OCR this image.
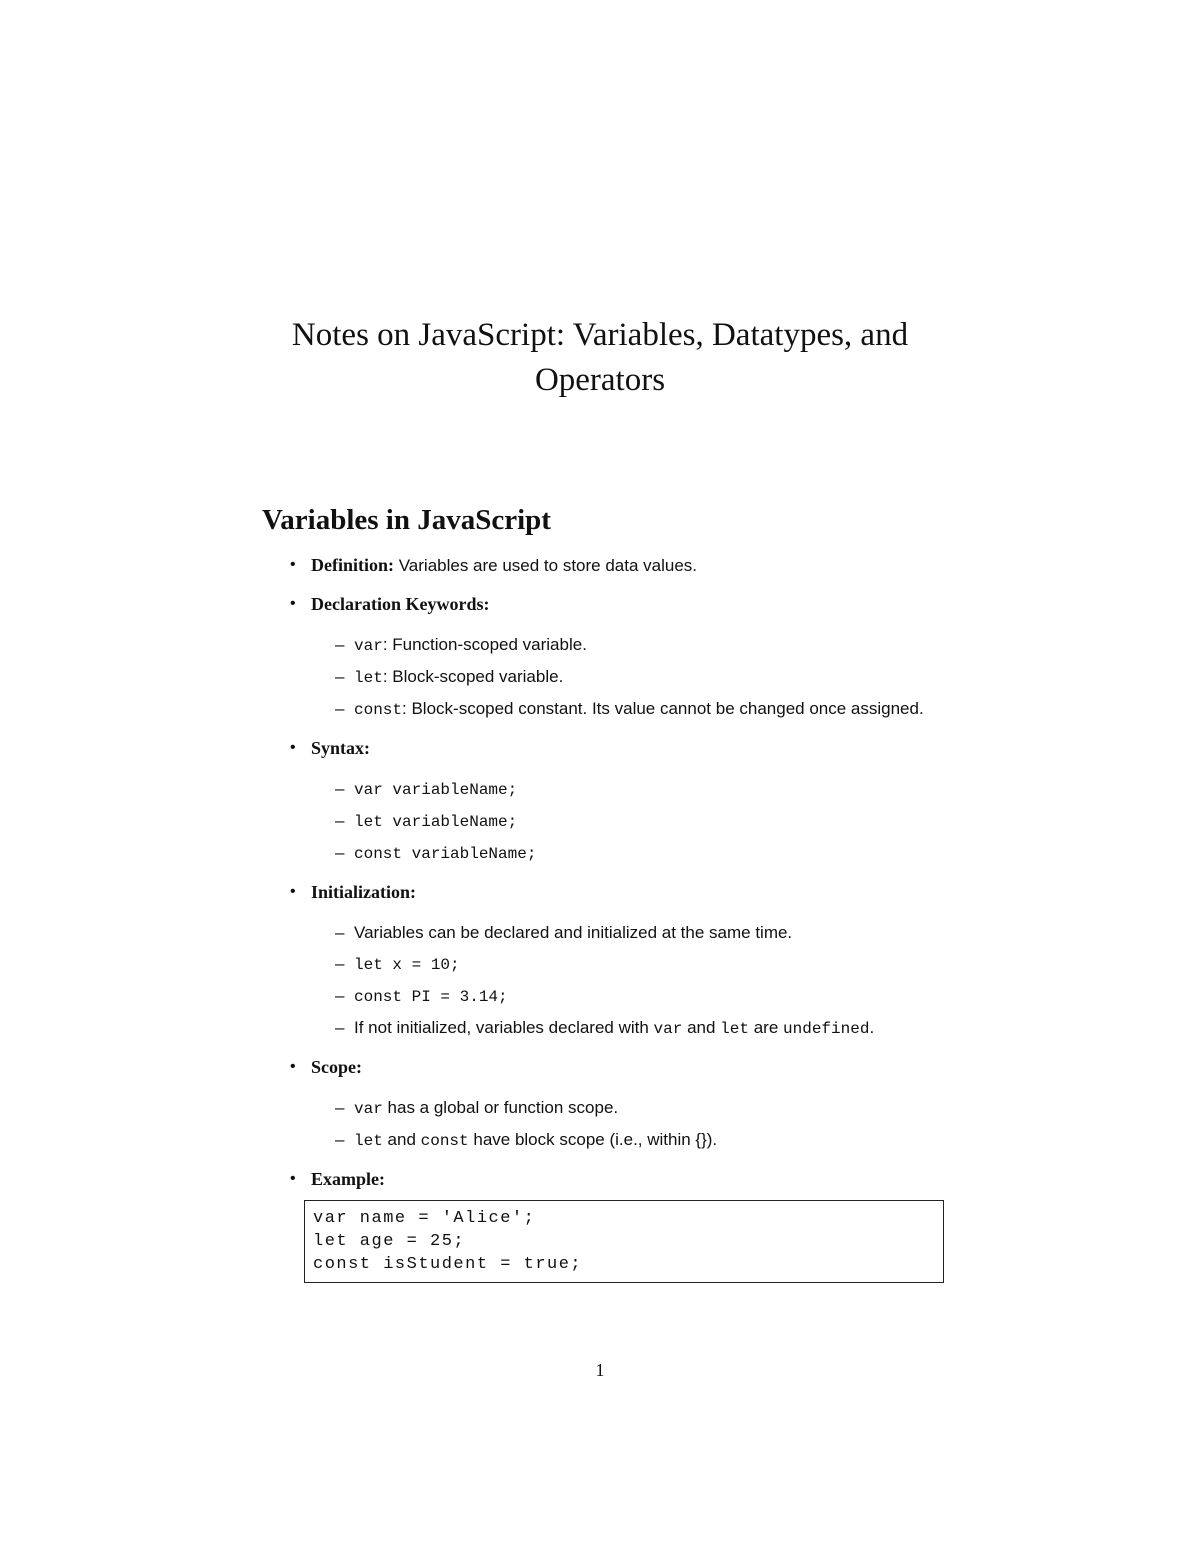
Notes on JavaScript: Variables, Datatypes, and
Operators
Variables in JavaScript
• Definition: Variables are used to store data values.
• Declaration Keywords:
– var: Function-scoped variable.
– let: Block-scoped variable.
– const: Block-scoped constant. Its value cannot be changed once assigned.
• Syntax:
– var variableName;
– let variableName;
– const variableName;
• Initialization:
– Variables can be declared and initialized at the same time.
– let x = 10;
– const PI = 3.14;
– If not initialized, variables declared with var and let are undefined.
• Scope:
– var has a global or function scope.
– let and const have block scope (i.e., within {}).
• Example:
var name = 'Alice';
let age = 25;
const isStudent = true;
1
